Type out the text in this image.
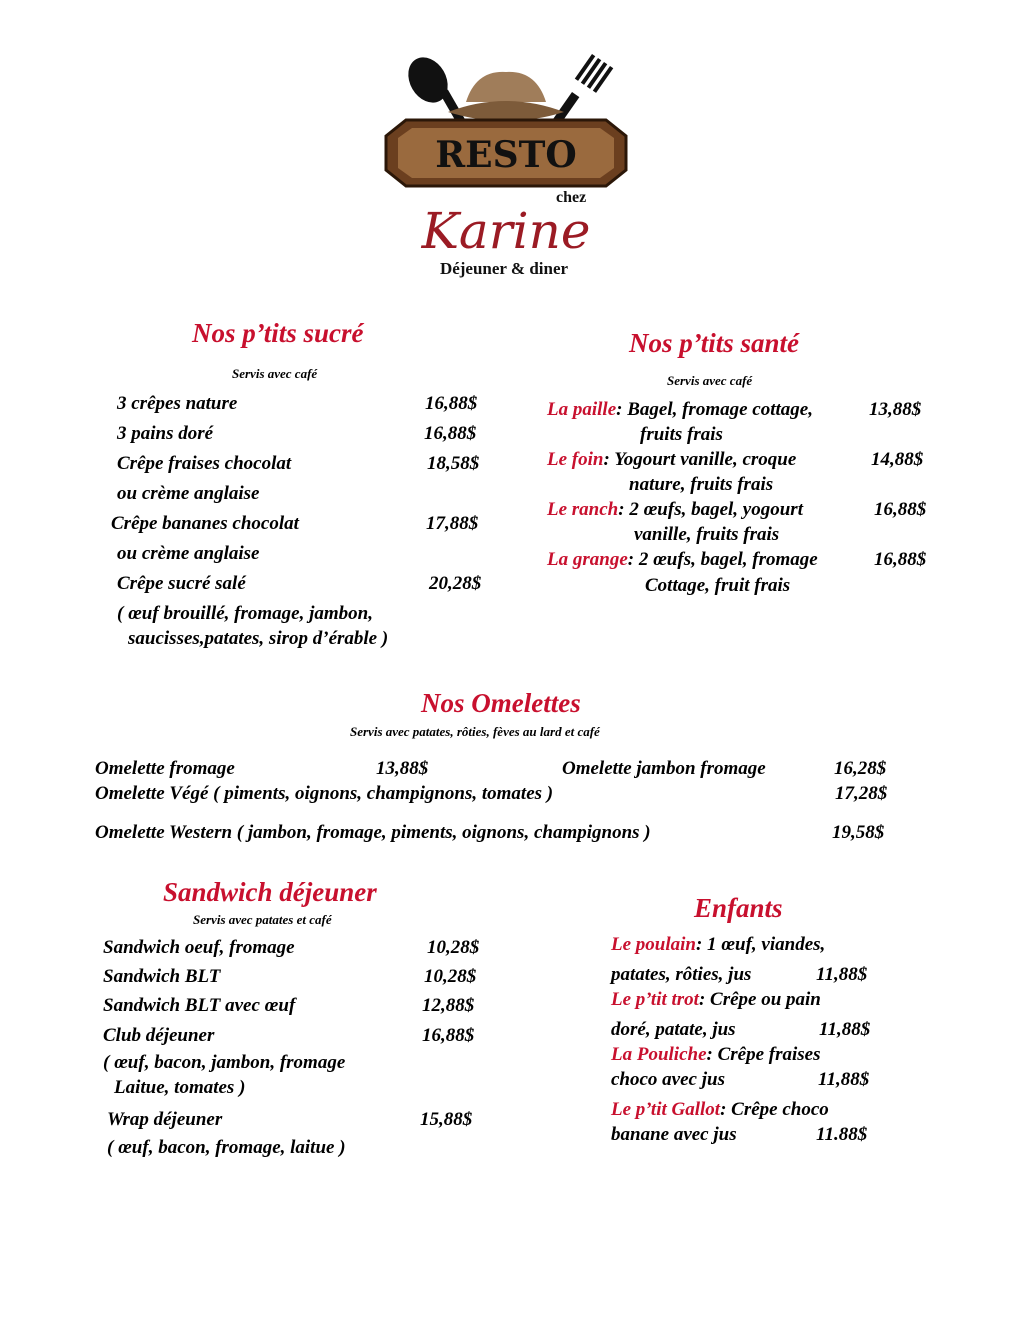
RESTO
chez
Karine
Déjeuner & diner
Nos p’tits sucré
Servis avec café
3 crêpes nature	16,88$
3 pains doré	16,88$
Crêpe fraises chocolat	18,58$
ou crème anglaise
Crêpe bananes chocolat	17,88$
ou crème anglaise
Crêpe sucré salé	20,28$
( œuf brouillé, fromage, jambon,
saucisses,patates, sirop d’érable )
Nos p’tits santé
Servis avec café
La paille: Bagel, fromage cottage,	13,88$
fruits frais
Le foin: Yogourt vanille, croque	14,88$
nature, fruits frais
Le ranch: 2 œufs, bagel, yogourt	16,88$
vanille, fruits frais
La grange: 2 œufs, bagel, fromage	16,88$
Cottage, fruit frais
Nos Omelettes
Servis avec patates, rôties, fèves au lard et café
Omelette fromage	13,88$	Omelette jambon fromage	16,28$
Omelette Végé ( piments, oignons, champignons, tomates )	17,28$
Omelette Western ( jambon, fromage, piments, oignons, champignons )	19,58$
Sandwich déjeuner
Servis avec patates et café
Sandwich oeuf, fromage	10,28$
Sandwich BLT	10,28$
Sandwich BLT avec œuf	12,88$
Club déjeuner	16,88$
( œuf, bacon, jambon, fromage
Laitue, tomates )
Wrap déjeuner	15,88$
( œuf, bacon, fromage, laitue )
Enfants
Le poulain: 1 œuf, viandes,
patates, rôties, jus	11,88$
Le p’tit trot: Crêpe ou pain
doré, patate, jus	11,88$
La Pouliche: Crêpe fraises
choco avec jus	11,88$
Le p’tit Gallot: Crêpe choco
banane avec jus	11.88$
